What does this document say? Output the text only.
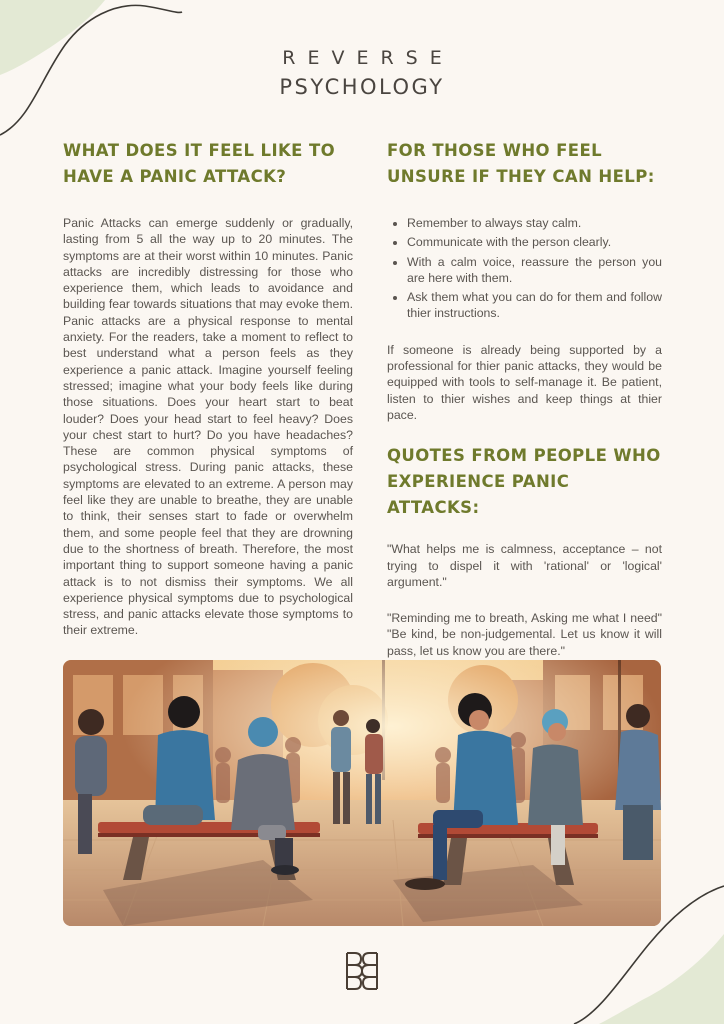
REVERSE
PSYCHOLOGY
WHAT DOES IT FEEL LIKE TO
HAVE A PANIC ATTACK?

Panic Attacks can emerge suddenly or gradually, lasting from 5 all the way up to 20 minutes. The symptoms are at their worst within 10 minutes. Panic attacks are incredibly distressing for those who experience them, which leads to avoidance and building fear towards situations that may evoke them. Panic attacks are a physical response to mental anxiety. For the readers, take a moment to reflect to best understand what a person feels as they experience a panic attack. Imagine yourself feeling stressed; imagine what your body feels like during those situations. Does your heart start to beat louder? Does your head start to feel heavy? Does your chest start to hurt? Do you have headaches? These are common physical symptoms of psychological stress. During panic attacks, these symptoms are elevated to an extreme. A person may feel like they are unable to breathe, they are unable to think, their senses start to fade or overwhelm them, and some people feel that they are drowning due to the shortness of breath. Therefore, the most important thing to support someone having a panic attack is to not dismiss their symptoms. We all experience physical symptoms due to psychological stress, and panic attacks elevate those symptoms to their extreme.

FOR THOSE WHO FEEL
UNSURE IF THEY CAN HELP:
• Remember to always stay calm.
• Communicate with the person clearly.
• With a calm voice, reassure the person you are here with them.
• Ask them what you can do for them and follow thier instructions.

If someone is already being supported by a professional for thier panic attacks, they would be equipped with tools to self-manage it. Be patient, listen to thier wishes and keep things at thier pace.

QUOTES FROM PEOPLE WHO
EXPERIENCE PANIC ATTACKS:

"What helps me is calmness, acceptance – not trying to dispel it with 'rational' or 'logical' argument."

"Reminding me to breath, Asking me what I need" "Be kind, be non-judgemental. Let us know it will pass, let us know you are there."
